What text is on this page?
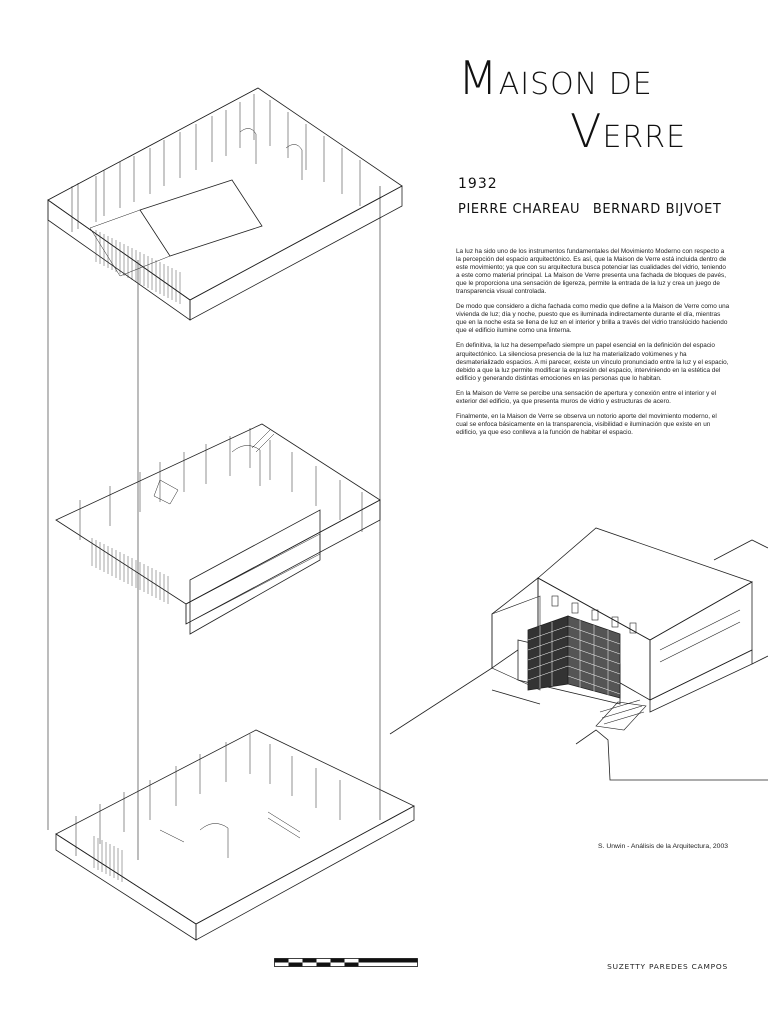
MAISON DE
VERRE
1932
PIERRE CHAREAU BERNARD BIJVOET

La luz ha sido uno de los instrumentos fundamentales del Movimiento Moderno con respecto a la percepción del espacio arquitectónico. Es así, que la Maison de Verre está incluida dentro de este movimiento; ya que con su arquitectura busca potenciar las cualidades del vidrio, teniendo a este como material principal. La Maison de Verre presenta una fachada de bloques de pavés, que le proporciona una sensación de ligereza, permite la entrada de la luz y crea un juego de transparencia visual controlada.

De modo que considero a dicha fachada como medio que define a la Maison de Verre como una vivienda de luz; día y noche, puesto que es iluminada indirectamente durante el día, mientras que en la noche esta se llena de luz en el interior y brilla a través del vidrio translúcido haciendo que el edificio ilumine como una linterna.

En definitiva, la luz ha desempeñado siempre un papel esencial en la definición del espacio arquitectónico. La silenciosa presencia de la luz ha materializado volúmenes y ha desmaterializado espacios. A mi parecer, existe un vínculo pronunciado entre la luz y el espacio, debido a que la luz permite modificar la expresión del espacio, interviniendo en la estética del edificio y generando distintas emociones en las personas que lo habitan.

En la Maison de Verre se percibe una sensación de apertura y conexión entre el interior y el exterior del edificio, ya que presenta muros de vidrio y estructuras de acero.

Finalmente, en la Maison de Verre se observa un notorio aporte del movimiento moderno, el cual se enfoca básicamente en la transparencia, visibilidad e iluminación que existe en un edificio, ya que eso conlleva a la función de habitar el espacio.

S. Unwin - Análisis de la Arquitectura, 2003
SUZETTY PAREDES CAMPOS
